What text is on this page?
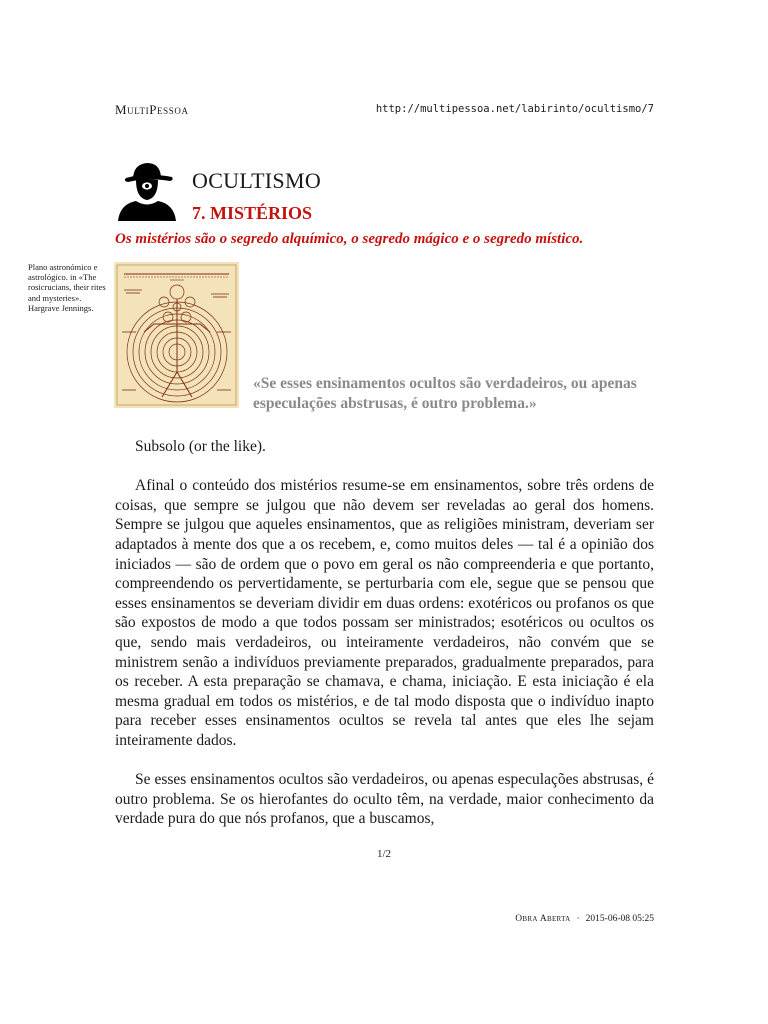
MultiPessoa	http://multipessoa.net/labirinto/ocultismo/7
OCULTISMO
7. MISTÉRIOS
Os mistérios são o segredo alquímico, o segredo mágico e o segredo místico.
Plano astronómico e astrológico. in «The rosicrucians, their rites and mysteries». Hargrave Jennings.
«Se esses ensinamentos ocultos são verdadeiros, ou apenas especulações abstrusas, é outro problema.»

Subsolo (or the like).

Afinal o conteúdo dos mistérios resume-se em ensinamentos, sobre três ordens de coisas, que sempre se julgou que não devem ser reveladas ao geral dos homens. Sempre se julgou que aqueles ensinamentos, que as religiões ministram, deveriam ser adaptados à mente dos que a os recebem, e, como muitos deles — tal é a opinião dos iniciados — são de ordem que o povo em geral os não compreenderia e que portanto, compreendendo os pervertidamente, se perturbaria com ele, segue que se pensou que esses ensinamentos se deveriam dividir em duas ordens: exotéricos ou profanos os que são expostos de modo a que todos possam ser ministrados; esotéricos ou ocultos os que, sendo mais verdadeiros, ou inteiramente verdadeiros, não convém que se ministrem senão a indivíduos previamente preparados, gradualmente preparados, para os receber. A esta preparação se chamava, e chama, iniciação. E esta iniciação é ela mesma gradual em todos os mistérios, e de tal modo disposta que o indivíduo inapto para receber esses ensinamentos ocultos se revela tal antes que eles lhe sejam inteiramente dados.

Se esses ensinamentos ocultos são verdadeiros, ou apenas especulações abstrusas, é outro problema. Se os hierofantes do oculto têm, na verdade, maior conhecimento da verdade pura do que nós profanos, que a buscamos,

1/2
Obra Aberta · 2015-06-08 05:25
